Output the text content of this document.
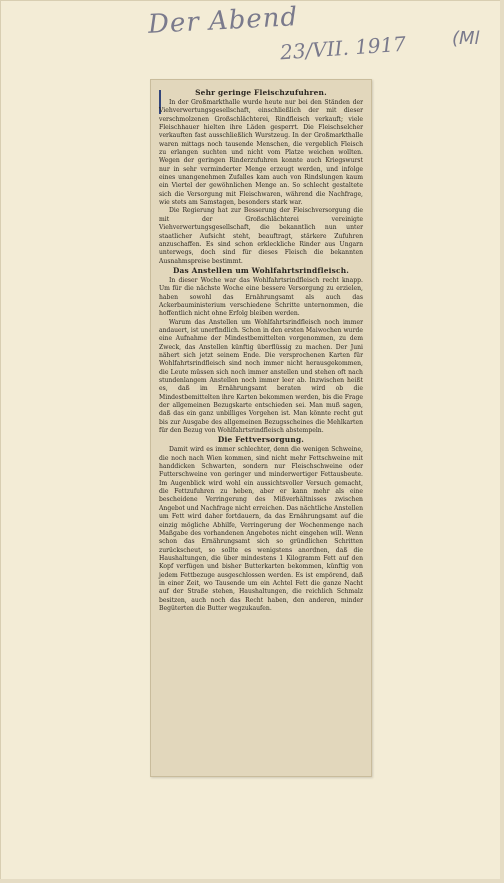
Der Abend
23/VII. 1917	(Ml
Sehr geringe Fleischzufuhren.

In der Großmarkthalle wurde heute nur bei den Ständen der Viehverwertungsgesellschaft, einschließlich der mit dieser verschmolzenen Großschlächterei, Rindfleisch verkauft; viele Fleischhauer hielten ihre Läden gesperrt. Die Fleischselcher verkauften fast ausschließlich Wurstzeug. In der Großmarkthalle waren mittags noch tausende Menschen, die vergeblich Fleisch zu erlangen suchten und nicht vom Platze weichen wollten. Wegen der geringen Rinderzufuhren konnte auch Kriegswurst nur in sehr verminderter Menge erzeugt werden, und infolge eines unangenehmen Zufalles kam auch von Rindslungen kaum ein Viertel der gewöhnlichen Menge an. So schlecht gestaltete sich die Versorgung mit Fleischwaren, während die Nachfrage, wie stets am Samstagen, besonders stark war.

Die Regierung hat zur Besserung der Fleischversorgung die mit der Großschlächterei vereinigte Viehverwertungsgesellschaft, die bekanntlich nun unter staatlicher Aufsicht steht, beauftragt, stärkere Zufuhren anzuschaffen. Es sind schon erkleckliche Rinder aus Ungarn unterwegs, doch sind für dieses Fleisch die bekannten Ausnahmspreise bestimmt.

Das Anstellen um Wohlfahrtsrindfleisch.

In dieser Woche war das Wohlfahrtsrindfleisch recht knapp. Um für die nächste Woche eine bessere Versorgung zu erzielen, haben sowohl das Ernährungsamt als auch das Ackerbauministerium verschiedene Schritte unternommen, die hoffentlich nicht ohne Erfolg bleiben werden.

Warum das Anstellen um Wohlfahrtsrindfleisch noch immer andauert, ist unerfindlich. Schon in den ersten Maiwochen wurde eine Aufnahme der Mindestbemittelten vorgenommen, zu dem Zweck, das Anstellen künftig überflüssig zu machen. Der Juni nähert sich jetzt seinem Ende. Die versprochenen Karten für Wohlfahrtsrindfleisch sind noch immer nicht herausgekommen, die Leute müssen sich noch immer anstellen und stehen oft nach stundenlangem Anstellen noch immer leer ab. Inzwischen heißt es, daß im Ernährungsamt beraten wird ob die Mindestbemittelten ihre Karten bekommen werden, bis die Frage der allgemeinen Bezugskarte entschieden sei. Man muß sagen, daß das ein ganz unbilliges Vorgehen ist. Man könnte recht gut bis zur Ausgabe des allgemeinen Bezugsscheines die Mehlkarten für den Bezug von Wohlfahrtsrindfleisch abstempeln.

Die Fettversorgung.

Damit wird es immer schlechter, denn die wenigen Schweine, die noch nach Wien kommen, sind nicht mehr Fettschweine mit handdicken Schwarten, sondern nur Fleischschweine oder Futterschweine von geringer und minderwertiger Fettausbeute. Im Augenblick wird wohl ein aussichtsvoller Versuch gemacht, die Fettzufuhren zu heben, aber er kann mehr als eine bescheidene Verringerung des Mißverhältnisses zwischen Angebot und Nachfrage nicht erreichen. Das nächtliche Anstellen um Fett wird daher fortdauern, da das Ernährungsamt auf die einzig mögliche Abhilfe, Verringerung der Wochenmenge nach Maßgabe des vorhandenen Angebotes nicht eingehen will. Wenn schon das Ernährungsamt sich so gründlichen Schritten zurückscheut, so sollte es wenigstens anordnen, daß die Haushaltungen, die über mindestens 1 Kilogramm Fett auf den Kopf verfügen und bisher Butterkarten bekommen, künftig von jedem Fettbezuge ausgeschlossen werden. Es ist empörend, daß in einer Zeit, wo Tausende um ein Achtel Fett die ganze Nacht auf der Straße stehen, Haushaltungen, die reichlich Schmalz besitzen, auch noch das Recht haben, den anderen, minder Begüterten die Butter wegzukaufen.
